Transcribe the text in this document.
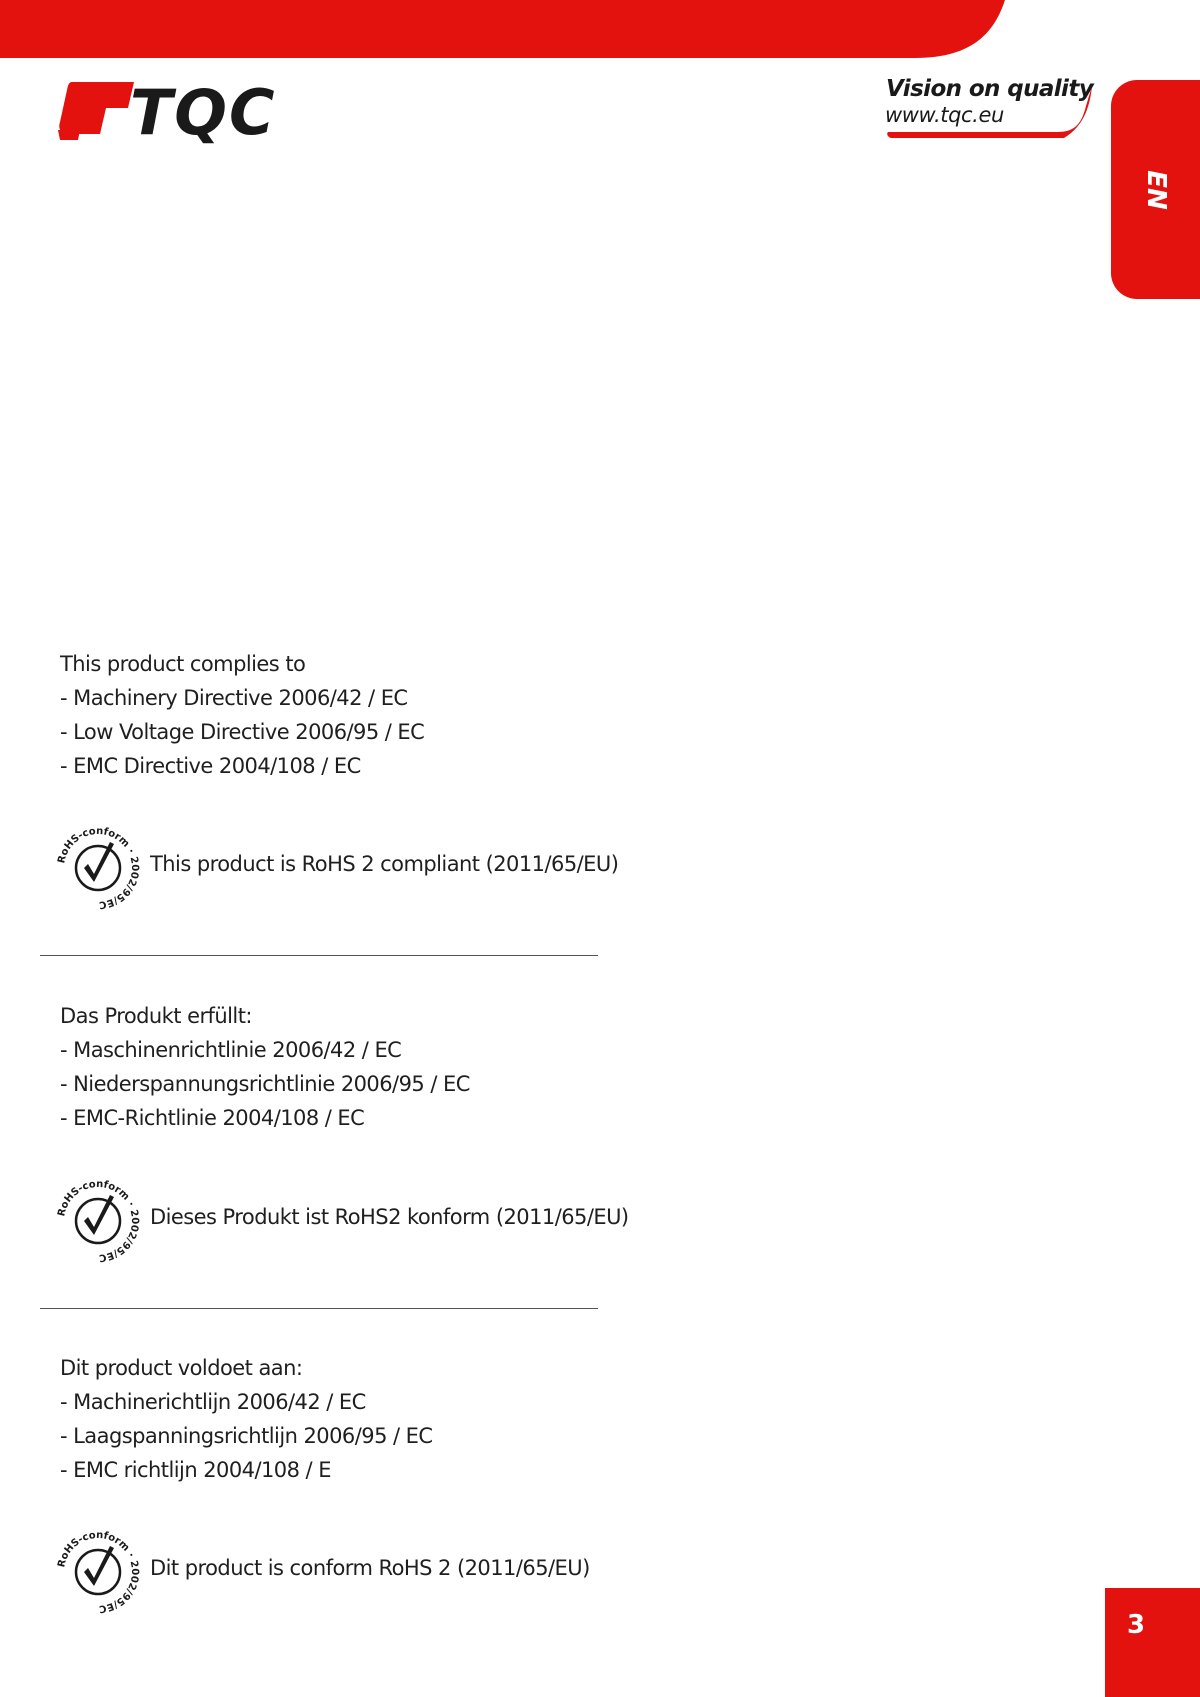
TQC	Vision on quality

www.tqc.eu

EN

This product complies to

- Machinery Directive 2006/42 / EC

- Low Voltage Directive 2006/95 / EC

- EMC Directive 2004/108 / EC

RoHS-conform · 2002/95/EC

This product is RoHS 2 compliant (2011/65/EU)

Das Produkt erfüllt:

- Maschinenrichtlinie 2006/42 / EC

- Niederspannungsrichtlinie 2006/95 / EC

- EMC-Richtlinie 2004/108 / EC

RoHS-conform · 2002/95/EC

Dieses Produkt ist RoHS2 konform (2011/65/EU)

Dit product voldoet aan:

- Machinerichtlijn 2006/42 / EC

- Laagspanningsrichtlijn 2006/95 / EC

- EMC richtlijn 2004/108 / E

RoHS-conform · 2002/95/EC

Dit product is conform RoHS 2 (2011/65/EU)

3
